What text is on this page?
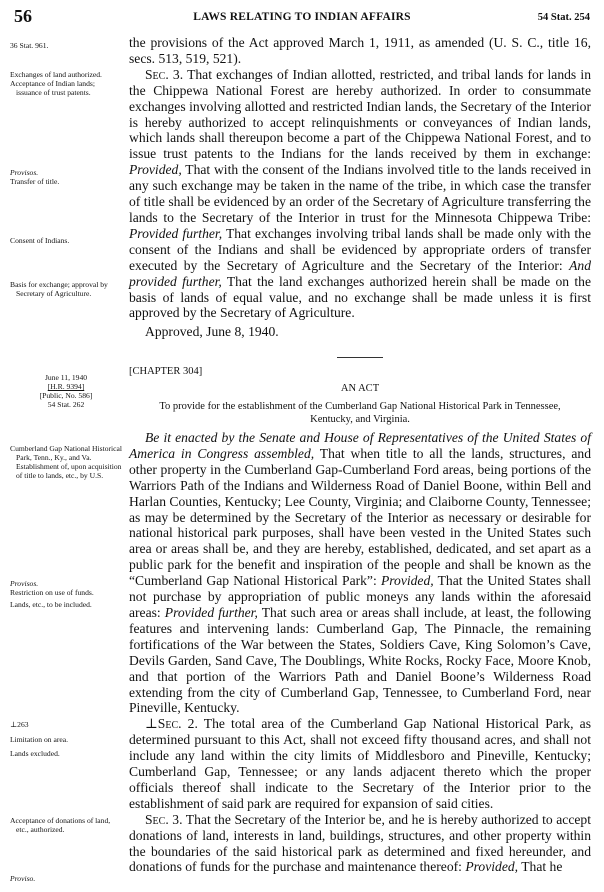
56	LAWS RELATING TO INDIAN AFFAIRS	54 Stat. 254
36 Stat. 961.
Exchanges of land authorized.
Acceptance of Indian lands; issuance of trust patents.
Provisos.
Transfer of title.
Consent of Indians.
Basis for exchange; approval by Secretary of Agriculture.
June 11, 1940
[H.R. 9394]
[Public, No. 586]
54 Stat. 262
Cumberland Gap National Historical Park, Tenn., Ky., and Va. Establishment of, upon acquisition of title to lands, etc., by U.S.
Provisos.
Restriction on use of funds.
Lands, etc., to be included.
⊥263
Limitation on area.
Lands excluded.
Acceptance of donations of land, etc., authorized.
Proviso.

the provisions of the Act approved March 1, 1911, as amended (U. S. C., title 16, secs. 513, 519, 521).

Sec. 3. That exchanges of Indian allotted, restricted, and tribal lands for lands in the Chippewa National Forest are hereby authorized. In order to consummate exchanges involving allotted and restricted Indian lands, the Secretary of the Interior is hereby authorized to accept relinquishments or conveyances of Indian lands, which lands shall thereupon become a part of the Chippewa National Forest, and to issue trust patents to the Indians for the lands received by them in exchange: Provided, That with the consent of the Indians involved title to the lands received in any such exchange may be taken in the name of the tribe, in which case the transfer of title shall be evidenced by an order of the Secretary of Agriculture transferring the lands to the Secretary of the Interior in trust for the Minnesota Chippewa Tribe: Provided further, That exchanges involving tribal lands shall be made only with the consent of the Indians and shall be evidenced by appropriate orders of transfer executed by the Secretary of Agriculture and the Secretary of the Interior: And provided further, That the land exchanges authorized herein shall be made on the basis of lands of equal value, and no exchange shall be made unless it is first approved by the Secretary of Agriculture.

Approved, June 8, 1940.

[CHAPTER 304]

AN ACT

To provide for the establishment of the Cumberland Gap National Historical Park in Tennessee, Kentucky, and Virginia.

Be it enacted by the Senate and House of Representatives of the United States of America in Congress assembled, That when title to all the lands, structures, and other property in the Cumberland Gap-Cumberland Ford areas, being portions of the Warriors Path of the Indians and Wilderness Road of Daniel Boone, within Bell and Harlan Counties, Kentucky; Lee County, Virginia; and Claiborne County, Tennessee; as may be determined by the Secretary of the Interior as necessary or desirable for national historical park purposes, shall have been vested in the United States such area or areas shall be, and they are hereby, established, dedicated, and set apart as a public park for the benefit and inspiration of the people and shall be known as the “Cumberland Gap National Historical Park”: Provided, That the United States shall not purchase by appropriation of public moneys any lands within the aforesaid areas: Provided further, That such area or areas shall include, at least, the following features and intervening lands: Cumberland Gap, The Pinnacle, the remaining fortifications of the War between the States, Soldiers Cave, King Solomon’s Cave, Devils Garden, Sand Cave, The Doublings, White Rocks, Rocky Face, Moore Knob, and that portion of the Warriors Path and Daniel Boone’s Wilderness Road extending from the city of Cumberland Gap, Tennessee, to Cumberland Ford, near Pineville, Kentucky.

⊥Sec. 2. The total area of the Cumberland Gap National Historical Park, as determined pursuant to this Act, shall not exceed fifty thousand acres, and shall not include any land within the city limits of Middlesboro and Pineville, Kentucky; Cumberland Gap, Tennessee; or any lands adjacent thereto which the proper officials thereof shall indicate to the Secretary of the Interior prior to the establishment of said park are required for expansion of said cities.

Sec. 3. That the Secretary of the Interior be, and he is hereby authorized to accept donations of land, interests in land, buildings, structures, and other property within the boundaries of the said historical park as determined and fixed hereunder, and donations of funds for the purchase and maintenance thereof: Provided, That he
